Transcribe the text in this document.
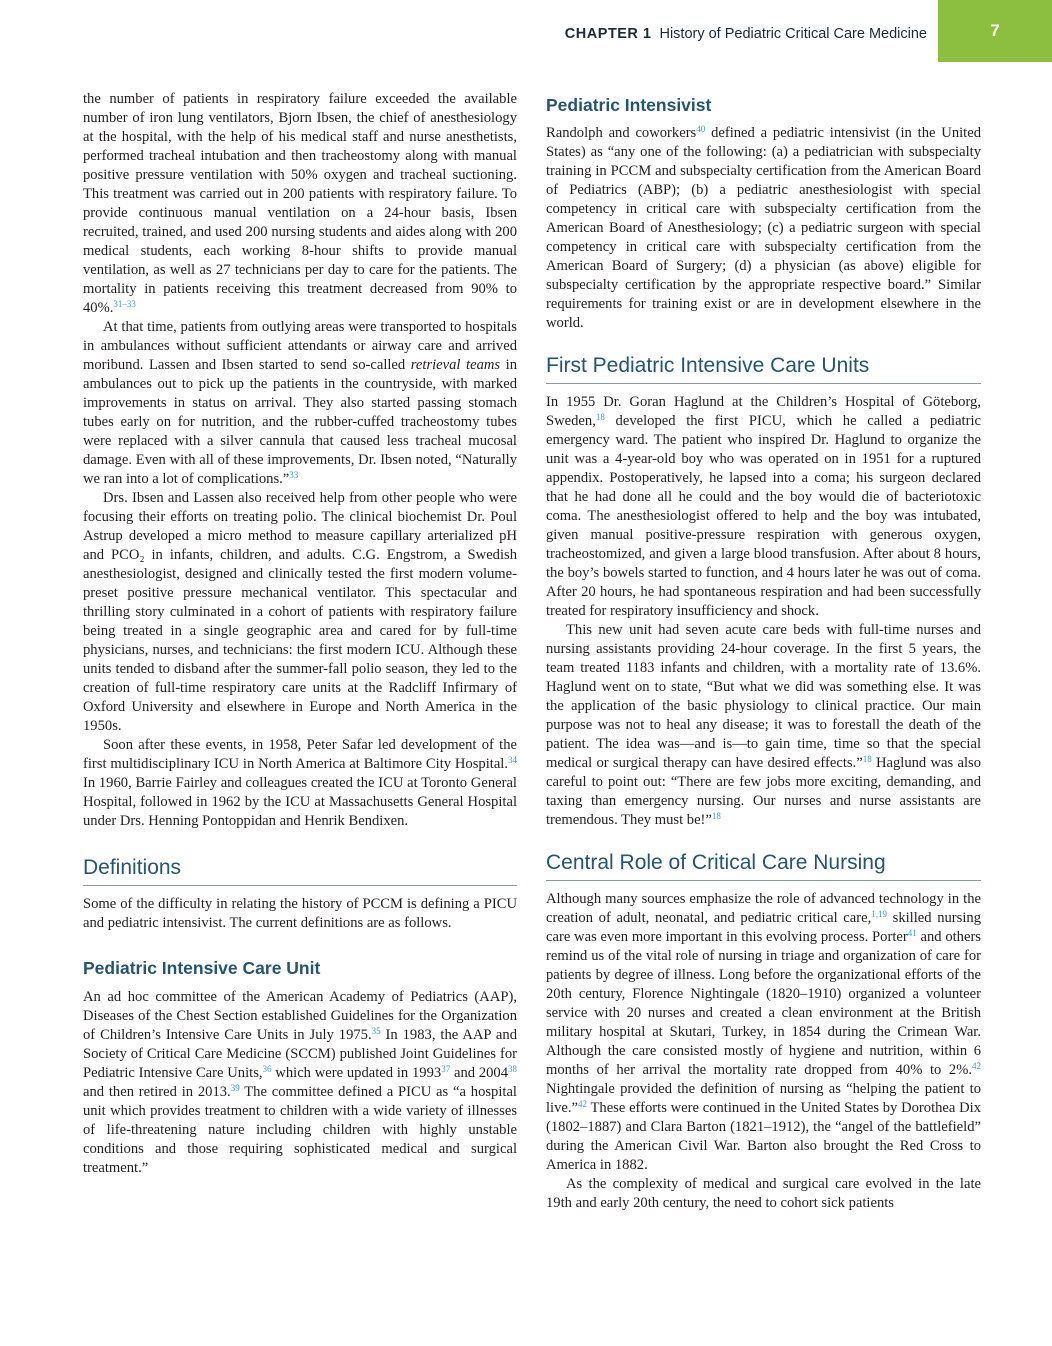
CHAPTER 1 History of Pediatric Critical Care Medicine	7

the number of patients in respiratory failure exceeded the available number of iron lung ventilators, Bjorn Ibsen, the chief of anesthesiology at the hospital, with the help of his medical staff and nurse anesthetists, performed tracheal intubation and then tracheostomy along with manual positive pressure ventilation with 50% oxygen and tracheal suctioning. This treatment was carried out in 200 patients with respiratory failure. To provide continuous manual ventilation on a 24-hour basis, Ibsen recruited, trained, and used 200 nursing students and aides along with 200 medical students, each working 8-hour shifts to provide manual ventilation, as well as 27 technicians per day to care for the patients. The mortality in patients receiving this treatment decreased from 90% to 40%.$^{31-33}$

At that time, patients from outlying areas were transported to hospitals in ambulances without sufficient attendants or airway care and arrived moribund. Lassen and Ibsen started to send so-called retrieval teams in ambulances out to pick up the patients in the countryside, with marked improvements in status on arrival. They also started passing stomach tubes early on for nutrition, and the rubber-cuffed tracheostomy tubes were replaced with a silver cannula that caused less tracheal mucosal damage. Even with all of these improvements, Dr. Ibsen noted, “Naturally we ran into a lot of complications.”$^{33}$

Drs. Ibsen and Lassen also received help from other people who were focusing their efforts on treating polio. The clinical biochemist Dr. Poul Astrup developed a micro method to measure capillary arterialized pH and PCO₂ in infants, children, and adults. C.G. Engstrom, a Swedish anesthesiologist, designed and clinically tested the first modern volume-preset positive pressure mechanical ventilator. This spectacular and thrilling story culminated in a cohort of patients with respiratory failure being treated in a single geographic area and cared for by full-time physicians, nurses, and technicians: the first modern ICU. Although these units tended to disband after the summer-fall polio season, they led to the creation of full-time respiratory care units at the Radcliff Infirmary of Oxford University and elsewhere in Europe and North America in the 1950s.

Soon after these events, in 1958, Peter Safar led development of the first multidisciplinary ICU in North America at Baltimore City Hospital.$^{34}$ In 1960, Barrie Fairley and colleagues created the ICU at Toronto General Hospital, followed in 1962 by the ICU at Massachusetts General Hospital under Drs. Henning Pontoppidan and Henrik Bendixen.

Definitions

Some of the difficulty in relating the history of PCCM is defining a PICU and pediatric intensivist. The current definitions are as follows.

Pediatric Intensive Care Unit

An ad hoc committee of the American Academy of Pediatrics (AAP), Diseases of the Chest Section established Guidelines for the Organization of Children’s Intensive Care Units in July 1975.35 In 1983, the AAP and Society of Critical Care Medicine (SCCM) published Joint Guidelines for Pediatric Intensive Care Units,$^{36}$ which were updated in 1993$^{37}$ and 2004$^{38}$ and then retired in 2013.39 The committee defined a PICU as “a hospital unit which provides treatment to children with a wide variety of illnesses of life-threatening nature including children with highly unstable conditions and those requiring sophisticated medical and surgical treatment.”

Pediatric Intensivist

Randolph and coworkers$^{40}$ defined a pediatric intensivist (in the United States) as “any one of the following: (a) a pediatrician with subspecialty training in PCCM and subspecialty certification from the American Board of Pediatrics (ABP); (b) a pediatric anesthesiologist with special competency in critical care with subspecialty certification from the American Board of Anesthesiology; (c) a pediatric surgeon with special competency in critical care with subspecialty certification from the American Board of Surgery; (d) a physician (as above) eligible for subspecialty certification by the appropriate respective board.” Similar requirements for training exist or are in development elsewhere in the world.

First Pediatric Intensive Care Units

In 1955 Dr. Goran Haglund at the Children’s Hospital of Göteborg, Sweden,$^{18}$ developed the first PICU, which he called a pediatric emergency ward. The patient who inspired Dr. Haglund to organize the unit was a 4-year-old boy who was operated on in 1951 for a ruptured appendix. Postoperatively, he lapsed into a coma; his surgeon declared that he had done all he could and the boy would die of bacteriotoxic coma. The anesthesiologist offered to help and the boy was intubated, given manual positive-pressure respiration with generous oxygen, tracheostomized, and given a large blood transfusion. After about 8 hours, the boy’s bowels started to function, and 4 hours later he was out of coma. After 20 hours, he had spontaneous respiration and had been successfully treated for respiratory insufficiency and shock.

This new unit had seven acute care beds with full-time nurses and nursing assistants providing 24-hour coverage. In the first 5 years, the team treated 1183 infants and children, with a mortality rate of 13.6%. Haglund went on to state, “But what we did was something else. It was the application of the basic physiology to clinical practice. Our main purpose was not to heal any disease; it was to forestall the death of the patient. The idea was—and is—to gain time, time so that the special medical or surgical therapy can have desired effects.”$^{18}$ Haglund was also careful to point out: “There are few jobs more exciting, demanding, and taxing than emergency nursing. Our nurses and nurse assistants are tremendous. They must be!”$^{18}$

Central Role of Critical Care Nursing

Although many sources emphasize the role of advanced technology in the creation of adult, neonatal, and pediatric critical care,$^{1,19}$ skilled nursing care was even more important in this evolving process. Porter$^{41}$ and others remind us of the vital role of nursing in triage and organization of care for patients by degree of illness. Long before the organizational efforts of the 20th century, Florence Nightingale (1820–1910) organized a volunteer service with 20 nurses and created a clean environment at the British military hospital at Skutari, Turkey, in 1854 during the Crimean War. Although the care consisted mostly of hygiene and nutrition, within 6 months of her arrival the mortality rate dropped from 40% to 2%.$^{42}$ Nightingale provided the definition of nursing as “helping the patient to live.”$^{42}$ These efforts were continued in the United States by Dorothea Dix (1802–1887) and Clara Barton (1821–1912), the “angel of the battlefield” during the American Civil War. Barton also brought the Red Cross to America in 1882.

As the complexity of medical and surgical care evolved in the late 19th and early 20th century, the need to cohort sick patients
